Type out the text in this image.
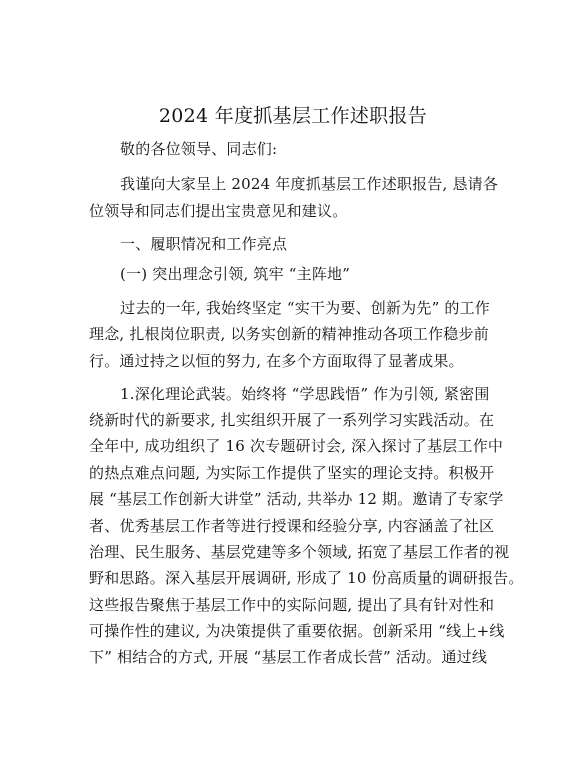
2024 年度抓基层工作述职报告
敬的各位领导、同志们:
我谨向大家呈上 2024 年度抓基层工作述职报告, 恳请各
位领导和同志们提出宝贵意见和建议。
一、履职情况和工作亮点
(一) 突出理念引领, 筑牢 “主阵地”
过去的一年, 我始终坚定 “实干为要、创新为先” 的工作
理念, 扎根岗位职责, 以务实创新的精神推动各项工作稳步前
行。通过持之以恒的努力, 在多个方面取得了显著成果。
1.深化理论武装。始终将 “学思践悟” 作为引领, 紧密围
绕新时代的新要求, 扎实组织开展了一系列学习实践活动。在
全年中, 成功组织了 16 次专题研讨会, 深入探讨了基层工作中
的热点难点问题, 为实际工作提供了坚实的理论支持。积极开
展 “基层工作创新大讲堂” 活动, 共举办 12 期。邀请了专家学
者、优秀基层工作者等进行授课和经验分享, 内容涵盖了社区
治理、民生服务、基层党建等多个领域, 拓宽了基层工作者的视
野和思路。深入基层开展调研, 形成了 10 份高质量的调研报告。
这些报告聚焦于基层工作中的实际问题, 提出了具有针对性和
可操作性的建议, 为决策提供了重要依据。创新采用 “线上+线
下” 相结合的方式, 开展 “基层工作者成长营” 活动。通过线
